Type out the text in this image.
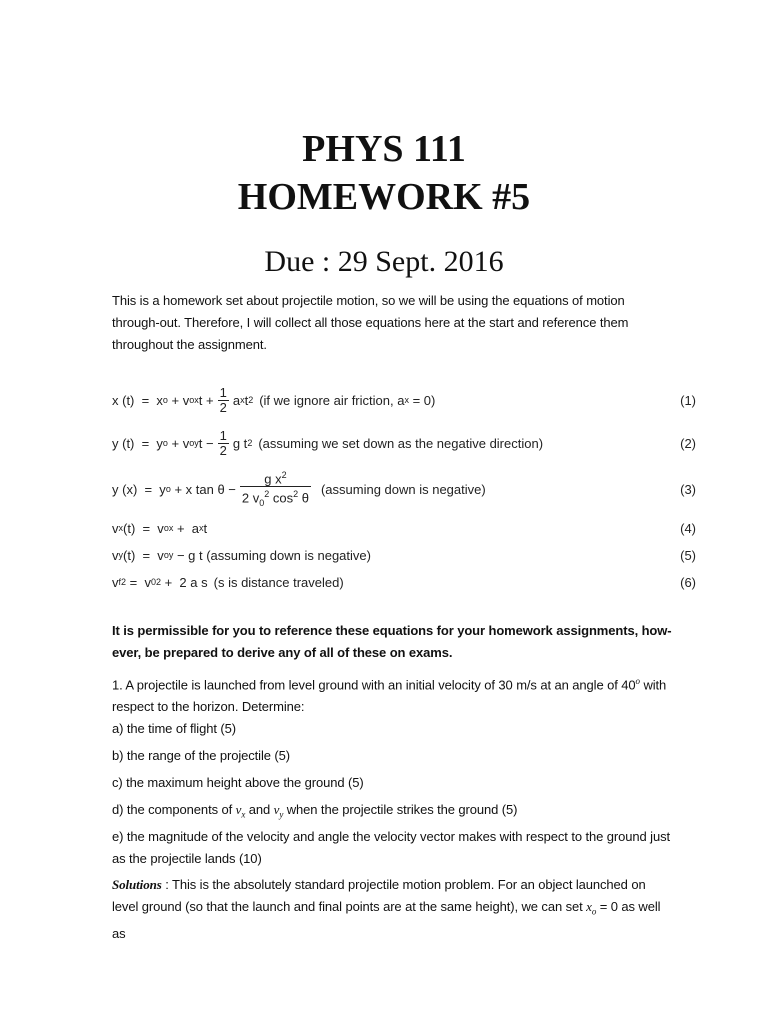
PHYS 111
HOMEWORK #5
Due : 29 Sept. 2016
This is a homework set about projectile motion, so we will be using the equations of motion through-out. Therefore, I will collect all those equations here at the start and reference them throughout the assignment.
x (t)  =  x o + v ox $t + \frac{1}{2}$ a x t 2 (if we ignore air friction, a x
= 0)	(1)
y (t)  =  y o + v oy $t - \frac{1}{2}$ g t 2 (assuming we set down as the negative direction)	(2)
y (x)  =  y o + x $\tan \theta - \frac{g x^2}{2 v_0^2 \cos^2 \theta}$ (assuming down is negative)	(3)
v x (t)  =  v ox +  a x t	(4)
v y (t)  =  v oy − g t (assuming down is negative)	(5)
v f 2 =  v 0 2 +  2 a s (s is distance traveled)	(6)
It is permissible for you to reference these equations for your homework assignments, how-ever, be prepared to derive any of all of these on exams.
1. A projectile is launched from level ground with an initial velocity of 30 m/s at an angle of 40$^o$ with respect to the horizon. Determine:
a) the time of flight (5)
b) the range of the projectile (5)
c) the maximum height above the ground (5)
d) the components of $v_x$ and $v_y$ when the projectile strikes the ground (5)
e) the magnitude of the velocity and angle the velocity vector makes with respect to the ground just as the projectile lands (10)
Solutions : This is the absolutely standard projectile motion problem. For an object launched on level ground (so that the launch and final points are at the same height), we can set $x_o = 0$ as well as
